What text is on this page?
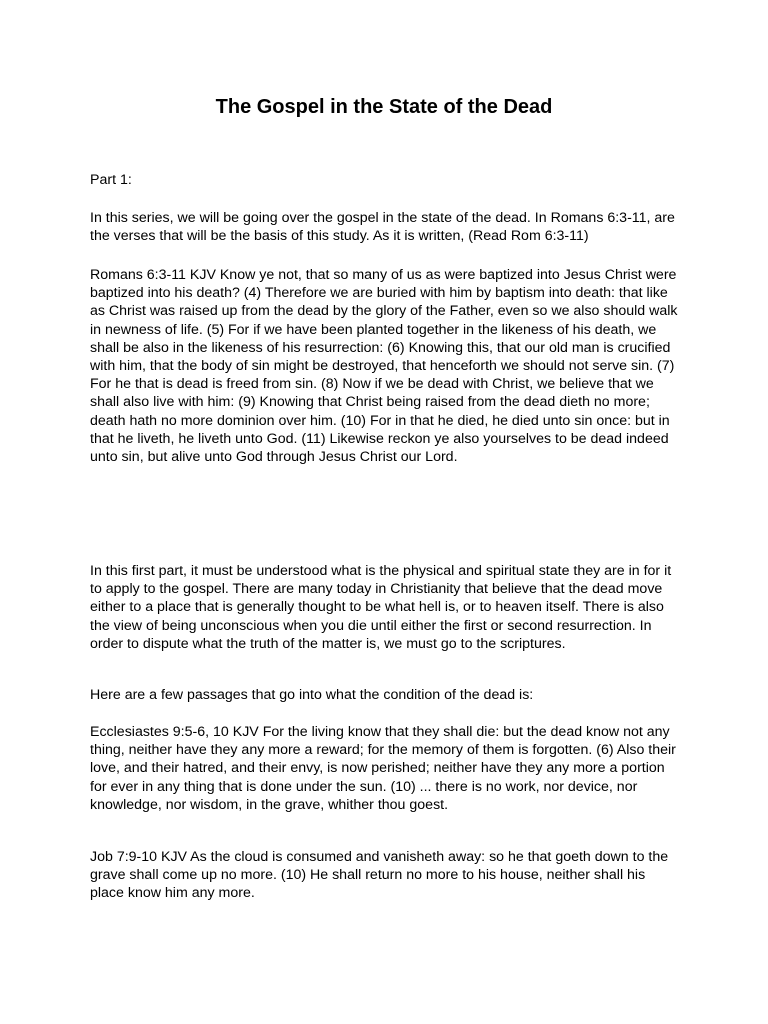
The Gospel in the State of the Dead

Part 1:

In this series, we will be going over the gospel in the state of the dead. In Romans 6:3-11, are the verses that will be the basis of this study. As it is written, (Read Rom 6:3-11)

Romans 6:3-11 KJV Know ye not, that so many of us as were baptized into Jesus Christ were baptized into his death? (4) Therefore we are buried with him by baptism into death: that like as Christ was raised up from the dead by the glory of the Father, even so we also should walk in newness of life. (5) For if we have been planted together in the likeness of his death, we shall be also in the likeness of his resurrection: (6) Knowing this, that our old man is crucified with him, that the body of sin might be destroyed, that henceforth we should not serve sin. (7) For he that is dead is freed from sin. (8) Now if we be dead with Christ, we believe that we shall also live with him: (9) Knowing that Christ being raised from the dead dieth no more; death hath no more dominion over him. (10) For in that he died, he died unto sin once: but in that he liveth, he liveth unto God. (11) Likewise reckon ye also yourselves to be dead indeed unto sin, but alive unto God through Jesus Christ our Lord.

In this first part, it must be understood what is the physical and spiritual state they are in for it to apply to the gospel. There are many today in Christianity that believe that the dead move either to a place that is generally thought to be what hell is, or to heaven itself. There is also the view of being unconscious when you die until either the first or second resurrection. In order to dispute what the truth of the matter is, we must go to the scriptures.

Here are a few passages that go into what the condition of the dead is:

Ecclesiastes 9:5-6, 10 KJV For the living know that they shall die: but the dead know not any thing, neither have they any more a reward; for the memory of them is forgotten. (6) Also their love, and their hatred, and their envy, is now perished; neither have they any more a portion for ever in any thing that is done under the sun. (10) ... there is no work, nor device, nor knowledge, nor wisdom, in the grave, whither thou goest.

Job 7:9-10 KJV As the cloud is consumed and vanisheth away: so he that goeth down to the grave shall come up no more. (10) He shall return no more to his house, neither shall his place know him any more.
